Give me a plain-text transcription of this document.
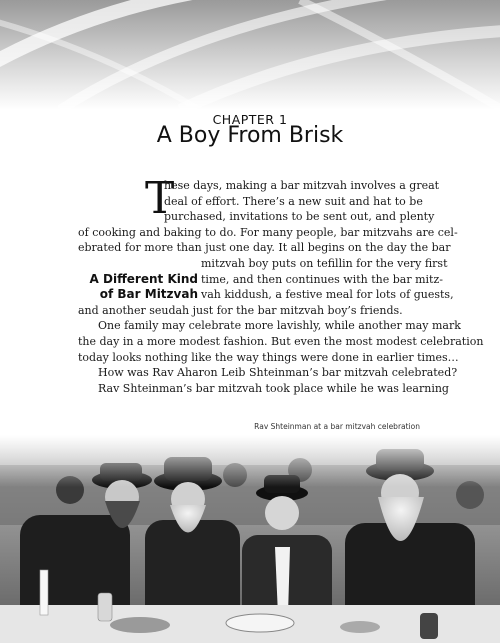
CHAPTER 1
A Boy From Brisk
T
A Different Kind
of Bar Mitzvah
hese days, making a bar mitzvah involves a great
deal of effort. There’s a new suit and hat to be
purchased, invitations to be sent out, and plenty
of cooking and baking to do. For many people, bar mitzvahs are cel-
ebrated for more than just one day. It all begins on the day the bar
mitzvah boy puts on tefillin for the very first
time, and then continues with the bar mitz-
vah kiddush, a festive meal for lots of guests,
and another seudah just for the bar mitzvah boy’s friends.
One family may celebrate more lavishly, while another may mark
the day in a more modest fashion. But even the most modest celebration
today looks nothing like the way things were done in earlier times…
How was Rav Aharon Leib Shteinman’s bar mitzvah celebrated?
Rav Shteinman’s bar mitzvah took place while he was learning
Rav Shteinman at a bar mitzvah celebration
